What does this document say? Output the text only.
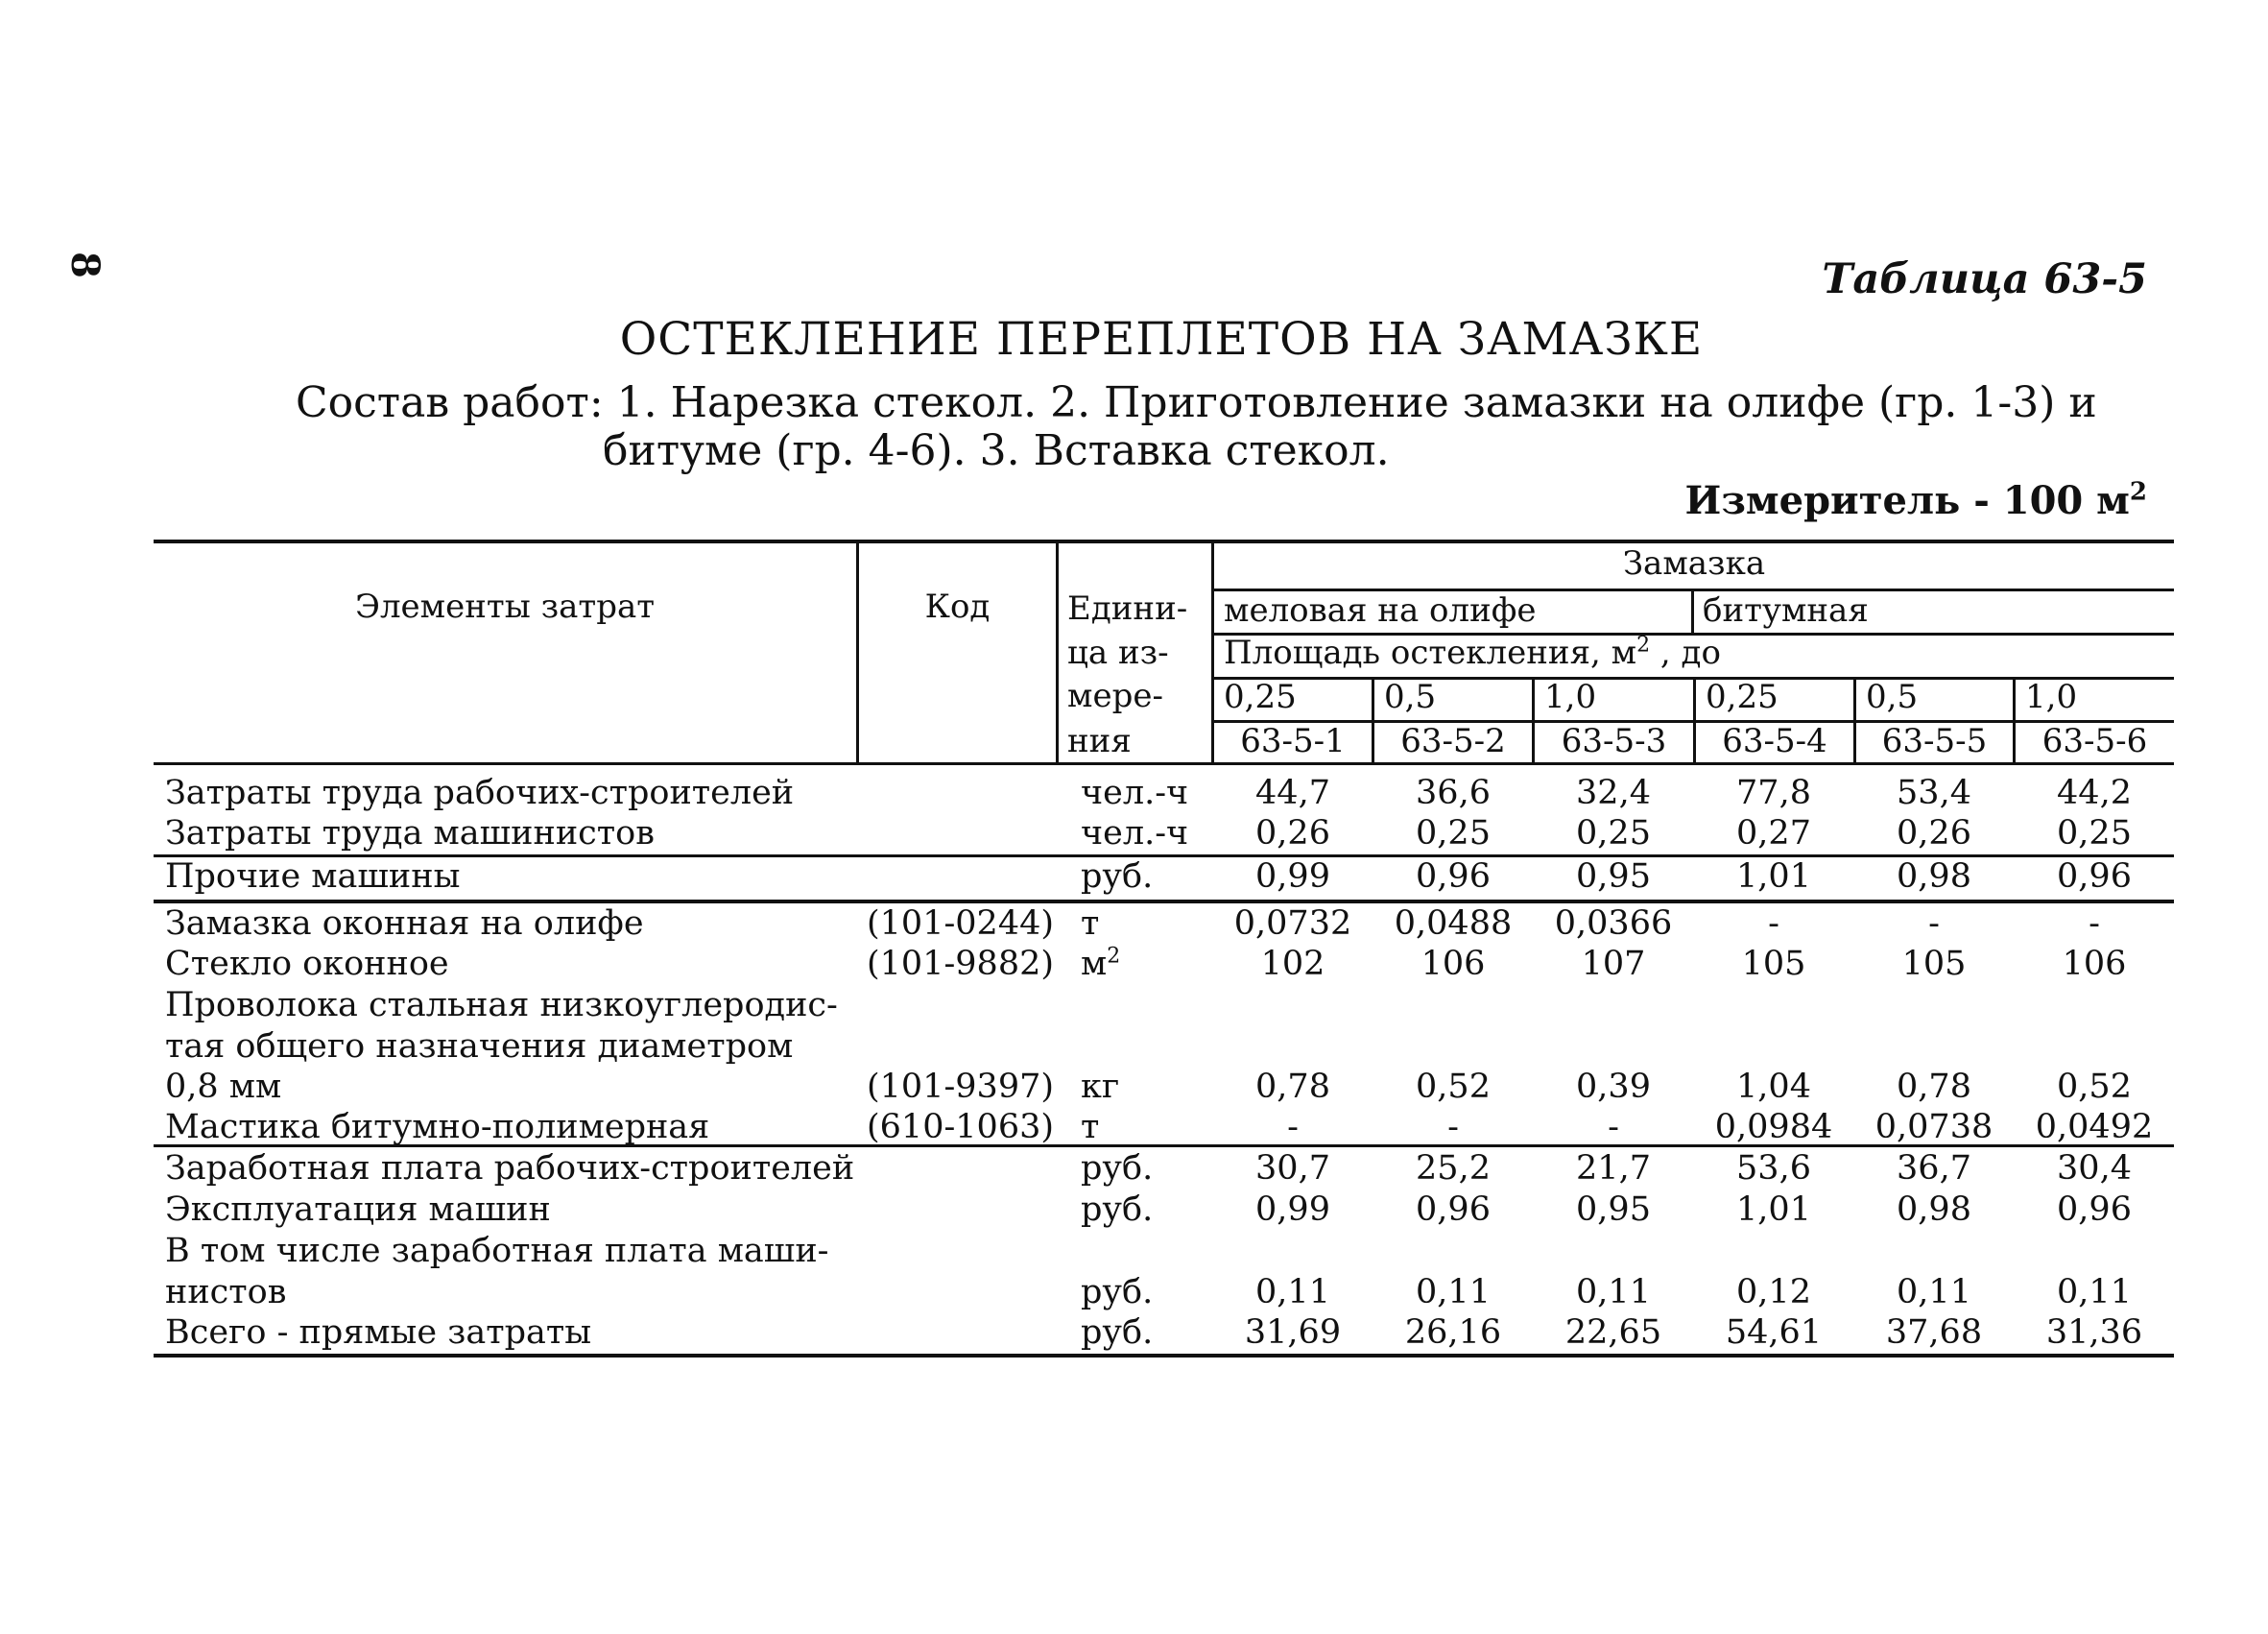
8	Таблица 63-5
ОСТЕКЛЕНИЕ ПЕРЕПЛЕТОВ НА ЗАМАЗКЕ
Состав работ: 1. Нарезка стекол. 2. Приготовление замазки на олифе (гр. 1-3) и
битуме (гр. 4-6). 3. Вставка стекол.
Измеритель - 100 $м^2$
Элементы затрат	Код	Едини-
ца из-
мере-
ния
Замазка
меловая на олифе	битумная
Площадь остекления, $м^2$ , до
0,25	0,5	1,0	0,25	0,5	1,0
63-5-1	63-5-2	63-5-3	63-5-4	63-5-5	63-5-6
Затраты труда рабочих-строителей	чел.-ч	44,7	36,6	32,4	77,8	53,4	44,2
Затраты труда машинистов	чел.-ч	0,26	0,25	0,25	0,27	0,26	0,25
Прочие машины	руб.	0,99	0,96	0,95	1,01	0,98	0,96
Замазка оконная на олифе	(101-0244) т	0,0732	0,0488	0,0366	-	-	-
Стекло оконное	(101-9882) $м^2$	102	106	107	105	105	106
Проволока стальная низкоуглеродис-
тая общего назначения диаметром
0,8 мм	(101-9397) кг	0,78	0,52	0,39	1,04	0,78	0,52
Мастика битумно-полимерная	(610-1063) т	-	-	-	0,0984	0,0738	0,0492
Заработная плата рабочих-строителей	руб.	30,7	25,2	21,7	53,6	36,7	30,4
Эксплуатация машин	руб.	0,99	0,96	0,95	1,01	0,98	0,96
В том числе заработная плата маши-
нистов	руб.	0,11	0,11	0,11	0,12	0,11	0,11
Всего - прямые затраты	руб.	31,69	26,16	22,65	54,61	37,68	31,36
